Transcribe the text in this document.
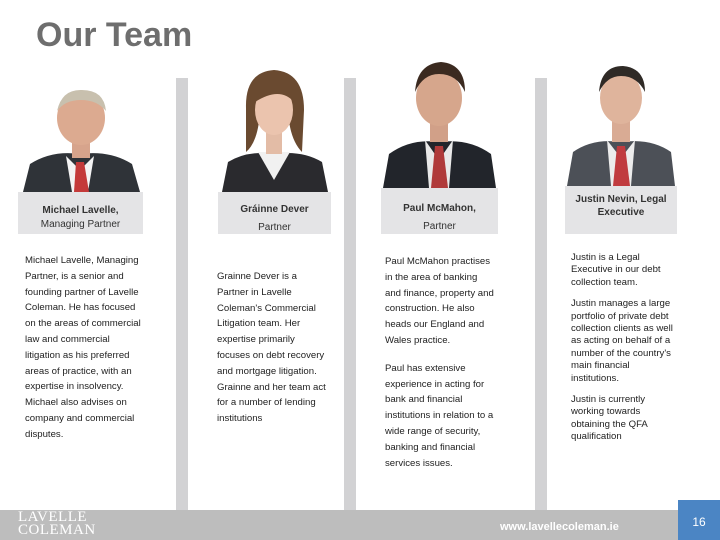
Our Team
Michael Lavelle,
Managing Partner

Michael Lavelle, Managing Partner, is a senior and founding partner of Lavelle Coleman. He has focused on the areas of commercial law and commercial litigation as his preferred areas of practice, with an expertise in insolvency. Michael also advises on company and commercial disputes.

Gráinne Dever
Partner

Grainne Dever is a Partner in Lavelle Coleman's Commercial Litigation team. Her expertise primarily focuses on debt recovery and mortgage litigation. Grainne and her team act for a number of lending institutions

Paul McMahon,
Partner

Paul McMahon practises in the area of banking and finance, property and construction. He also heads our England and Wales practice.

Paul has extensive experience in acting for bank and financial institutions in relation to a wide range of security, banking and financial services issues.

Justin Nevin, Legal Executive

Justin is a Legal Executive in our debt collection team.

Justin manages a large portfolio of private debt collection clients as well as acting on behalf of a number of the country's main financial institutions.

Justin is currently working towards obtaining the QFA qualification

LAVELLE
COLEMAN	www.lavellecoleman.ie	16
